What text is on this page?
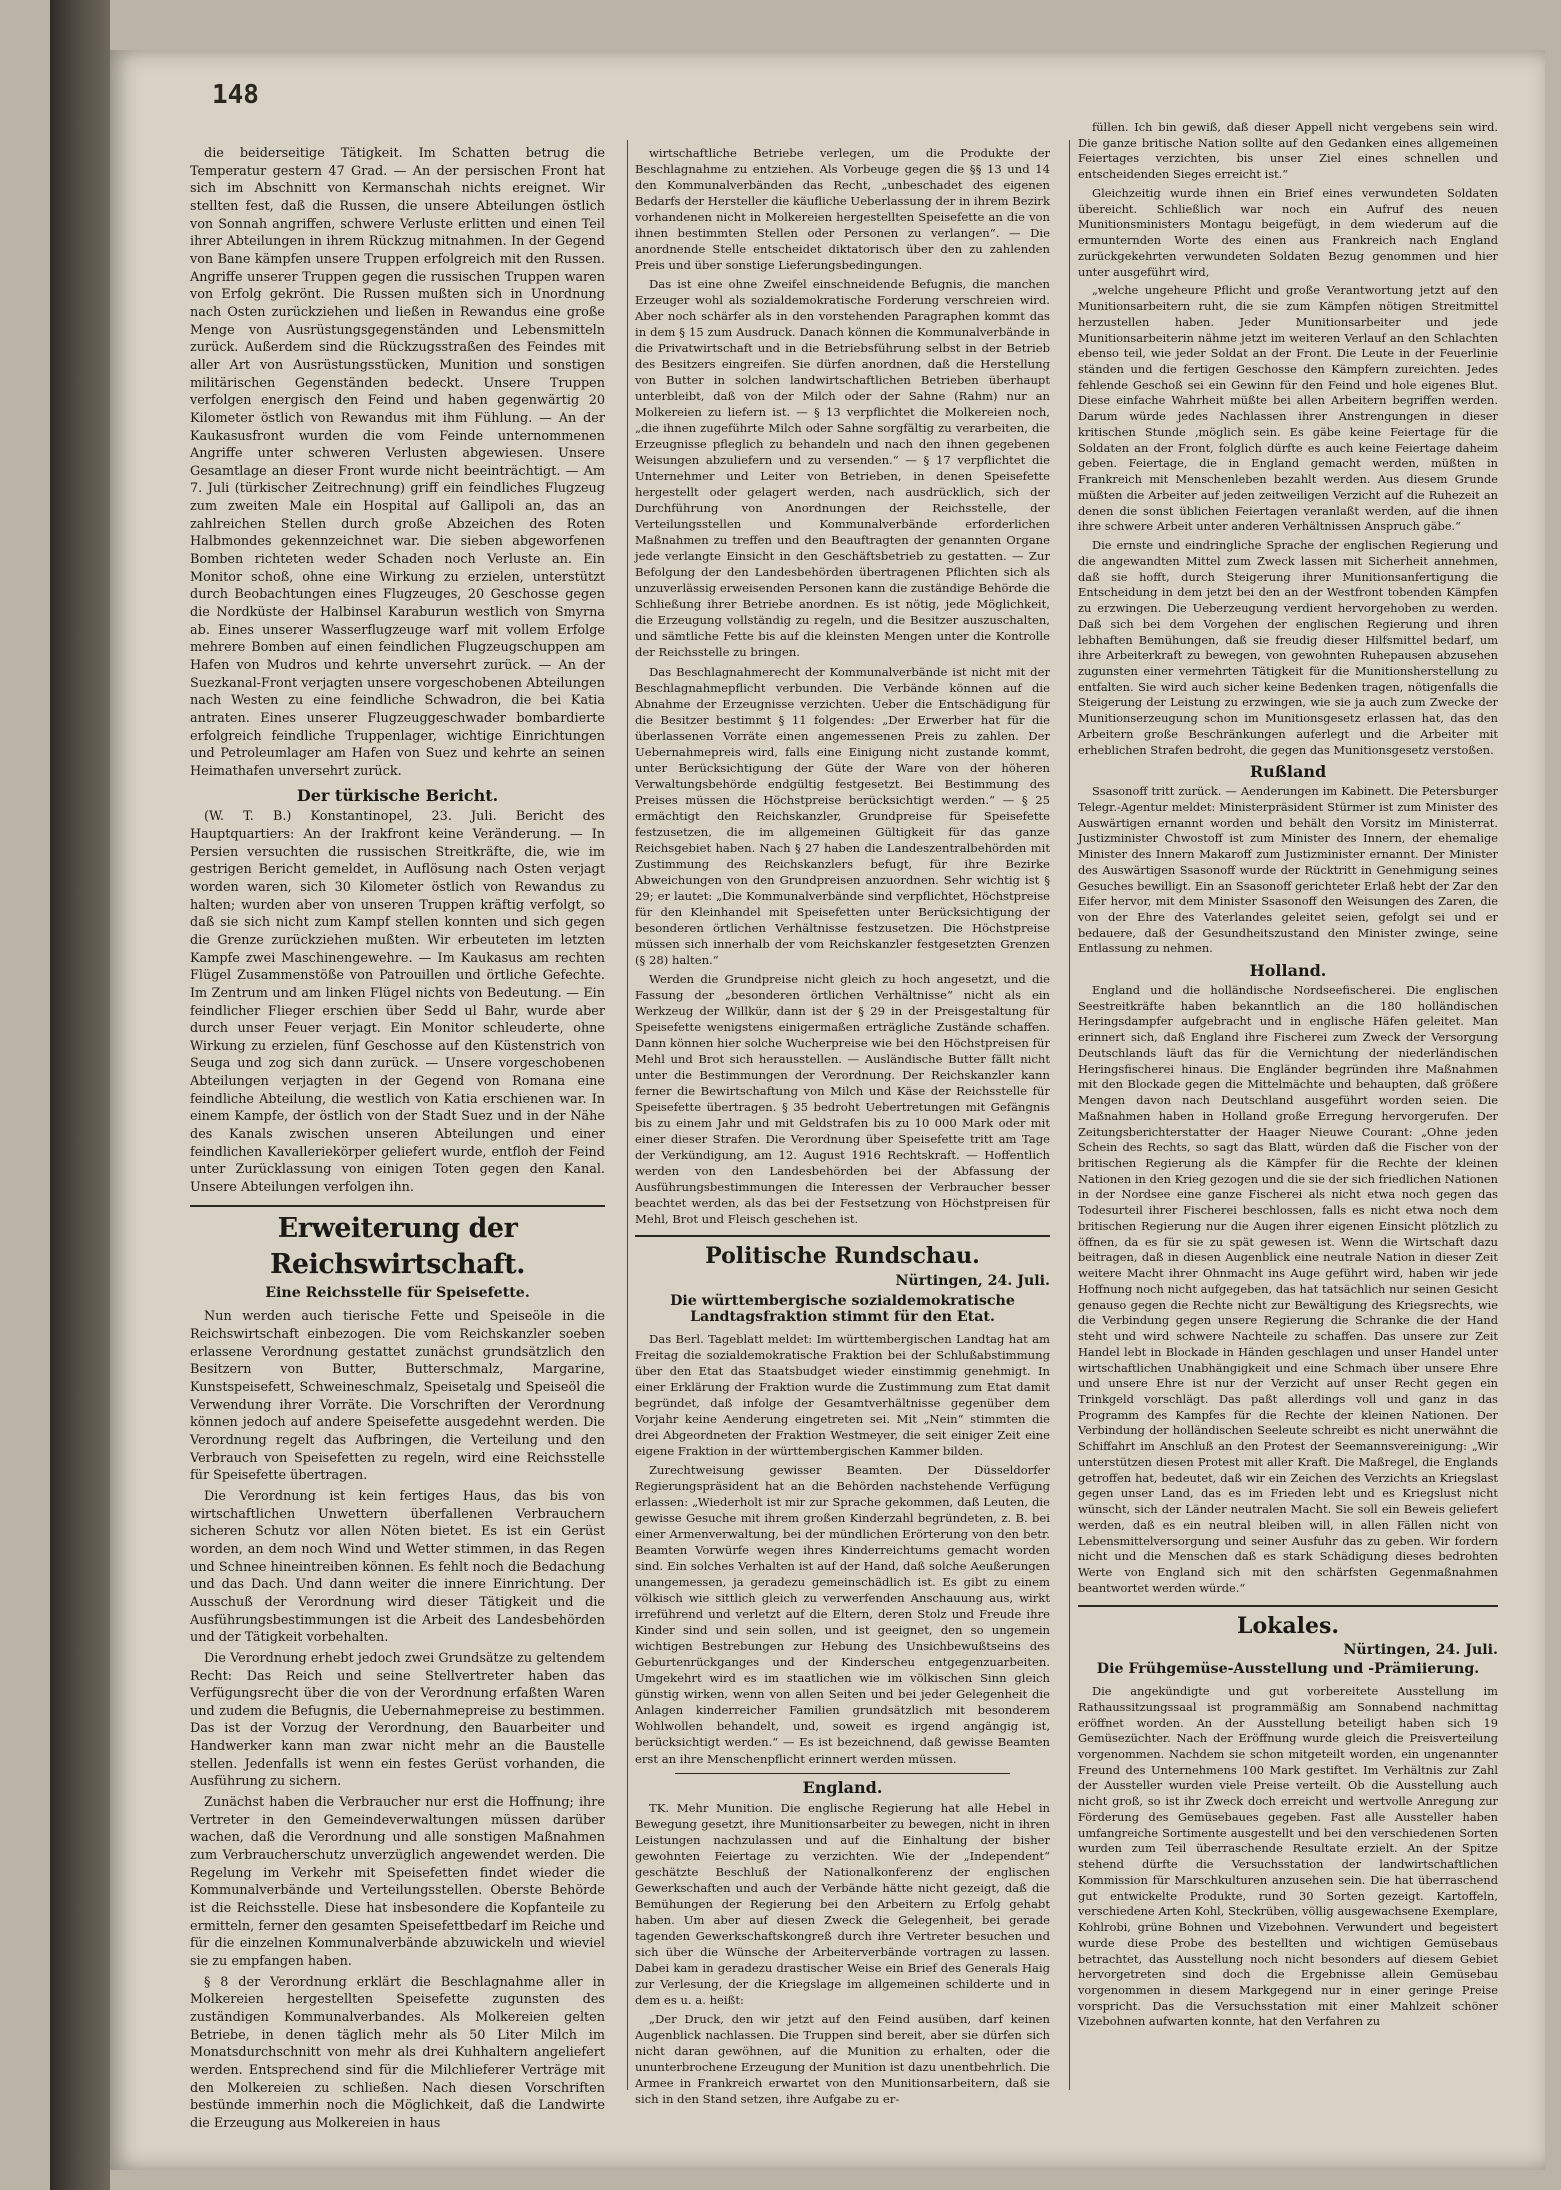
148

die beiderseitige Tätigkeit. Im Schatten betrug die Temperatur gestern 47 Grad. — An der persischen Front hat sich im Abschnitt von Kermanschah nichts ereignet. Wir stellten fest, daß die Russen, die unsere Abteilungen östlich von Sonnah angriffen, schwere Verluste erlitten und einen Teil ihrer Abteilungen in ihrem Rückzug mitnahmen. In der Gegend von Bane kämpfen unsere Truppen erfolgreich mit den Russen. Angriffe unserer Truppen gegen die russischen Truppen waren von Erfolg gekrönt. Die Russen mußten sich in Unordnung nach Osten zurückziehen und ließen in Rewandus eine große Menge von Ausrüstungsgegenständen und Lebensmitteln zurück. Außerdem sind die Rückzugsstraßen des Feindes mit aller Art von Ausrüstungsstücken, Munition und sonstigen militärischen Gegenständen bedeckt. Unsere Truppen verfolgen energisch den Feind und haben gegenwärtig 20 Kilometer östlich von Rewandus mit ihm Fühlung. — An der Kaukasusfront wurden die vom Feinde unternommenen Angriffe unter schweren Verlusten abgewiesen. Unsere Gesamtlage an dieser Front wurde nicht beeinträchtigt. — Am 7. Juli (türkischer Zeitrechnung) griff ein feindliches Flugzeug zum zweiten Male ein Hospital auf Gallipoli an, das an zahlreichen Stellen durch große Abzeichen des Roten Halbmondes gekennzeichnet war. Die sieben abgeworfenen Bomben richteten weder Schaden noch Verluste an. Ein Monitor schoß, ohne eine Wirkung zu erzielen, unterstützt durch Beobachtungen eines Flugzeuges, 20 Geschosse gegen die Nordküste der Halbinsel Karaburun westlich von Smyrna ab. Eines unserer Wasserflugzeuge warf mit vollem Erfolge mehrere Bomben auf einen feindlichen Flugzeugschuppen am Hafen von Mudros und kehrte unversehrt zurück. — An der Suezkanal-Front verjagten unsere vorgeschobenen Abteilungen nach Westen zu eine feindliche Schwadron, die bei Katia antraten. Eines unserer Flugzeuggeschwader bombardierte erfolgreich feindliche Truppenlager, wichtige Einrichtungen und Petroleumlager am Hafen von Suez und kehrte an seinen Heimathafen unversehrt zurück.

Der türkische Bericht.

(W. T. B.) Konstantinopel, 23. Juli. Bericht des Hauptquartiers: An der Irakfront keine Veränderung. — In Persien versuchten die russischen Streitkräfte, die, wie im gestrigen Bericht gemeldet, in Auflösung nach Osten verjagt worden waren, sich 30 Kilometer östlich von Rewandus zu halten; wurden aber von unseren Truppen kräftig verfolgt, so daß sie sich nicht zum Kampf stellen konnten und sich gegen die Grenze zurückziehen mußten. Wir erbeuteten im letzten Kampfe zwei Maschinengewehre. — Im Kaukasus am rechten Flügel Zusammenstöße von Patrouillen und örtliche Gefechte. Im Zentrum und am linken Flügel nichts von Bedeutung. — Ein feindlicher Flieger erschien über Sedd ul Bahr, wurde aber durch unser Feuer verjagt. Ein Monitor schleuderte, ohne Wirkung zu erzielen, fünf Geschosse auf den Küstenstrich von Seuga und zog sich dann zurück. — Unsere vorgeschobenen Abteilungen verjagten in der Gegend von Romana eine feindliche Abteilung, die westlich von Katia erschienen war. In einem Kampfe, der östlich von der Stadt Suez und in der Nähe des Kanals zwischen unseren Abteilungen und einer feindlichen Kavalleriekörper geliefert wurde, entfloh der Feind unter Zurücklassung von einigen Toten gegen den Kanal. Unsere Abteilungen verfolgen ihn.

Erweiterung der Reichswirtschaft.
Eine Reichsstelle für Speisefette.

Nun werden auch tierische Fette und Speiseöle in die Reichswirtschaft einbezogen. Die vom Reichskanzler soeben erlassene Verordnung gestattet zunächst grundsätzlich den Besitzern von Butter, Butterschmalz, Margarine, Kunstspeisefett, Schweineschmalz, Speisetalg und Speiseöl die Verwendung ihrer Vorräte. Die Vorschriften der Verordnung können jedoch auf andere Speisefette ausgedehnt werden. Die Verordnung regelt das Aufbringen, die Verteilung und den Verbrauch von Speisefetten zu regeln, wird eine Reichsstelle für Speisefette übertragen.

Die Verordnung ist kein fertiges Haus, das bis von wirtschaftlichen Unwettern überfallenen Verbrauchern sicheren Schutz vor allen Nöten bietet. Es ist ein Gerüst worden, an dem noch Wind und Wetter stimmen, in das Regen und Schnee hineintreiben können. Es fehlt noch die Bedachung und das Dach. Und dann weiter die innere Einrichtung. Der Ausschuß der Verordnung wird dieser Tätigkeit und die Ausführungsbestimmungen ist die Arbeit des Landesbehörden und der Tätigkeit vorbehalten.

Die Verordnung erhebt jedoch zwei Grundsätze zu geltendem Recht: Das Reich und seine Stellvertreter haben das Verfügungsrecht über die von der Verordnung erfaßten Waren und zudem die Befugnis, die Uebernahmepreise zu bestimmen. Das ist der Vorzug der Verordnung, den Bauarbeiter und Handwerker kann man zwar nicht mehr an die Baustelle stellen. Jedenfalls ist wenn ein festes Gerüst vorhanden, die Ausführung zu sichern.

Zunächst haben die Verbraucher nur erst die Hoffnung; ihre Vertreter in den Gemeindeverwaltungen müssen darüber wachen, daß die Verordnung und alle sonstigen Maßnahmen zum Verbraucherschutz unverzüglich angewendet werden. Die Regelung im Verkehr mit Speisefetten findet wieder die Kommunalverbände und Verteilungsstellen. Oberste Behörde ist die Reichsstelle. Diese hat insbesondere die Kopfanteile zu ermitteln, ferner den gesamten Speisefettbedarf im Reiche und für die einzelnen Kommunalverbände abzuwickeln und wieviel sie zu empfangen haben.

§ 8 der Verordnung erklärt die Beschlagnahme aller in Molkereien hergestellten Speisefette zugunsten des zuständigen Kommunalverbandes. Als Molkereien gelten Betriebe, in denen täglich mehr als 50 Liter Milch im Monatsdurchschnitt von mehr als drei Kuhhaltern angeliefert werden. Entsprechend sind für die Milchlieferer Verträge mit den Molkereien zu schließen. Nach diesen Vorschriften bestünde immerhin noch die Möglichkeit, daß die Landwirte die Erzeugung aus Molkereien in haus

wirtschaftliche Betriebe verlegen, um die Produkte der Beschlagnahme zu entziehen. Als Vorbeuge gegen die §§ 13 und 14 den Kommunalverbänden das Recht, „unbeschadet des eigenen Bedarfs der Hersteller die käufliche Ueberlassung der in ihrem Bezirk vorhandenen nicht in Molkereien hergestellten Speisefette an die von ihnen bestimmten Stellen oder Personen zu verlangen“. — Die anordnende Stelle entscheidet diktatorisch über den zu zahlenden Preis und über sonstige Lieferungsbedingungen.

Das ist eine ohne Zweifel einschneidende Befugnis, die manchen Erzeuger wohl als sozialdemokratische Forderung verschreien wird. Aber noch schärfer als in den vorstehenden Paragraphen kommt das in dem § 15 zum Ausdruck. Danach können die Kommunalverbände in die Privatwirtschaft und in die Betriebsführung selbst in der Betrieb des Besitzers eingreifen. Sie dürfen anordnen, daß die Herstellung von Butter in solchen landwirtschaftlichen Betrieben überhaupt unterbleibt, daß von der Milch oder der Sahne (Rahm) nur an Molkereien zu liefern ist. — § 13 verpflichtet die Molkereien noch, „die ihnen zugeführte Milch oder Sahne sorgfältig zu verarbeiten, die Erzeugnisse pfleglich zu behandeln und nach den ihnen gegebenen Weisungen abzuliefern und zu versenden.“ — § 17 verpflichtet die Unternehmer und Leiter von Betrieben, in denen Speisefette hergestellt oder gelagert werden, nach ausdrücklich, sich der Durchführung von Anordnungen der Reichsstelle, der Verteilungsstellen und Kommunalverbände erforderlichen Maßnahmen zu treffen und den Beauftragten der genannten Organe jede verlangte Einsicht in den Geschäftsbetrieb zu gestatten. — Zur Befolgung der den Landesbehörden übertragenen Pflichten sich als unzuverlässig erweisenden Personen kann die zuständige Behörde die Schließung ihrer Betriebe anordnen. Es ist nötig, jede Möglichkeit, die Erzeugung vollständig zu regeln, und die Besitzer auszuschalten, und sämtliche Fette bis auf die kleinsten Mengen unter die Kontrolle der Reichsstelle zu bringen.

Das Beschlagnahmerecht der Kommunalverbände ist nicht mit der Beschlagnahmepflicht verbunden. Die Verbände können auf die Abnahme der Erzeugnisse verzichten. Ueber die Entschädigung für die Besitzer bestimmt § 11 folgendes: „Der Erwerber hat für die überlassenen Vorräte einen angemessenen Preis zu zahlen. Der Uebernahmepreis wird, falls eine Einigung nicht zustande kommt, unter Berücksichtigung der Güte der Ware von der höheren Verwaltungsbehörde endgültig festgesetzt. Bei Bestimmung des Preises müssen die Höchstpreise berücksichtigt werden.“ — § 25 ermächtigt den Reichskanzler, Grundpreise für Speisefette festzusetzen, die im allgemeinen Gültigkeit für das ganze Reichsgebiet haben. Nach § 27 haben die Landeszentralbehörden mit Zustimmung des Reichskanzlers befugt, für ihre Bezirke Abweichungen von den Grundpreisen anzuordnen. Sehr wichtig ist § 29; er lautet: „Die Kommunalverbände sind verpflichtet, Höchstpreise für den Kleinhandel mit Speisefetten unter Berücksichtigung der besonderen örtlichen Verhältnisse festzusetzen. Die Höchstpreise müssen sich innerhalb der vom Reichskanzler festgesetzten Grenzen (§ 28) halten.“

Werden die Grundpreise nicht gleich zu hoch angesetzt, und die Fassung der „besonderen örtlichen Verhältnisse“ nicht als ein Werkzeug der Willkür, dann ist der § 29 in der Preisgestaltung für Speisefette wenigstens einigermaßen erträgliche Zustände schaffen. Dann können hier solche Wucherpreise wie bei den Höchstpreisen für Mehl und Brot sich herausstellen. — Ausländische Butter fällt nicht unter die Bestimmungen der Verordnung. Der Reichskanzler kann ferner die Bewirtschaftung von Milch und Käse der Reichsstelle für Speisefette übertragen. § 35 bedroht Uebertretungen mit Gefängnis bis zu einem Jahr und mit Geldstrafen bis zu 10 000 Mark oder mit einer dieser Strafen. Die Verordnung über Speisefette tritt am Tage der Verkündigung, am 12. August 1916 Rechtskraft. — Hoffentlich werden von den Landesbehörden bei der Abfassung der Ausführungsbestimmungen die Interessen der Verbraucher besser beachtet werden, als das bei der Festsetzung von Höchstpreisen für Mehl, Brot und Fleisch geschehen ist.

Politische Rundschau.
Nürtingen, 24. Juli.
Die württembergische sozialdemokratische Landtagsfraktion stimmt für den Etat.

Das Berl. Tageblatt meldet: Im württembergischen Landtag hat am Freitag die sozialdemokratische Fraktion bei der Schlußabstimmung über den Etat das Staatsbudget wieder einstimmig genehmigt. In einer Erklärung der Fraktion wurde die Zustimmung zum Etat damit begründet, daß infolge der Gesamtverhältnisse gegenüber dem Vorjahr keine Aenderung eingetreten sei. Mit „Nein“ stimmten die drei Abgeordneten der Fraktion Westmeyer, die seit einiger Zeit eine eigene Fraktion in der württembergischen Kammer bilden.

Zurechtweisung gewisser Beamten. Der Düsseldorfer Regierungspräsident hat an die Behörden nachstehende Verfügung erlassen: „Wiederholt ist mir zur Sprache gekommen, daß Leuten, die gewisse Gesuche mit ihrem großen Kinderzahl begründeten, z. B. bei einer Armenverwaltung, bei der mündlichen Erörterung von den betr. Beamten Vorwürfe wegen ihres Kinderreichtums gemacht worden sind. Ein solches Verhalten ist auf der Hand, daß solche Aeußerungen unangemessen, ja geradezu gemeinschädlich ist. Es gibt zu einem völkisch wie sittlich gleich zu verwerfenden Anschauung aus, wirkt irreführend und verletzt auf die Eltern, deren Stolz und Freude ihre Kinder sind und sein sollen, und ist geeignet, den so ungemein wichtigen Bestrebungen zur Hebung des Unsichbewußtseins des Geburtenrückganges und der Kinderscheu entgegenzuarbeiten. Umgekehrt wird es im staatlichen wie im völkischen Sinn gleich günstig wirken, wenn von allen Seiten und bei jeder Gelegenheit die Anlagen kinderreicher Familien grundsätzlich mit besonderem Wohlwollen behandelt, und, soweit es irgend angängig ist, berücksichtigt werden.“ — Es ist bezeichnend, daß gewisse Beamten erst an ihre Menschenpflicht erinnert werden müssen.

England.

TK. Mehr Munition. Die englische Regierung hat alle Hebel in Bewegung gesetzt, ihre Munitionsarbeiter zu bewegen, nicht in ihren Leistungen nachzulassen und auf die Einhaltung der bisher gewohnten Feiertage zu verzichten. Wie der „Independent“ geschätzte Beschluß der Nationalkonferenz der englischen Gewerkschaften und auch der Verbände hätte nicht gezeigt, daß die Bemühungen der Regierung bei den Arbeitern zu Erfolg gehabt haben. Um aber auf diesen Zweck die Gelegenheit, bei gerade tagenden Gewerkschaftskongreß durch ihre Vertreter besuchen und sich über die Wünsche der Arbeiterverbände vortragen zu lassen. Dabei kam in geradezu drastischer Weise ein Brief des Generals Haig zur Verlesung, der die Kriegslage im allgemeinen schilderte und in dem es u. a. heißt:

„Der Druck, den wir jetzt auf den Feind ausüben, darf keinen Augenblick nachlassen. Die Truppen sind bereit, aber sie dürfen sich nicht daran gewöhnen, auf die Munition zu erhalten, oder die ununterbrochene Erzeugung der Munition ist dazu unentbehrlich. Die Armee in Frankreich erwartet von den Munitionsarbeitern, daß sie sich in den Stand setzen, ihre Aufgabe zu er-

füllen. Ich bin gewiß, daß dieser Appell nicht vergebens sein wird. Die ganze britische Nation sollte auf den Gedanken eines allgemeinen Feiertages verzichten, bis unser Ziel eines schnellen und entscheidenden Sieges erreicht ist.“

Gleichzeitig wurde ihnen ein Brief eines verwundeten Soldaten übereicht. Schließlich war noch ein Aufruf des neuen Munitionsministers Montagu beigefügt, in dem wiederum auf die ermunternden Worte des einen aus Frankreich nach England zurückgekehrten verwundeten Soldaten Bezug genommen und hier unter ausgeführt wird,

„welche ungeheure Pflicht und große Verantwortung jetzt auf den Munitionsarbeitern ruht, die sie zum Kämpfen nötigen Streitmittel herzustellen haben. Jeder Munitionsarbeiter und jede Munitionsarbeiterin nähme jetzt im weiteren Verlauf an den Schlachten ebenso teil, wie jeder Soldat an der Front. Die Leute in der Feuerlinie ständen und die fertigen Geschosse den Kämpfern zureichten. Jedes fehlende Geschoß sei ein Gewinn für den Feind und hole eigenes Blut. Diese einfache Wahrheit müßte bei allen Arbeitern begriffen werden. Darum würde jedes Nachlassen ihrer Anstrengungen in dieser kritischen Stunde ‚möglich sein. Es gäbe keine Feiertage für die Soldaten an der Front, folglich dürfte es auch keine Feiertage daheim geben. Feiertage, die in England gemacht werden, müßten in Frankreich mit Menschenleben bezahlt werden. Aus diesem Grunde müßten die Arbeiter auf jeden zeitweiligen Verzicht auf die Ruhezeit an denen die sonst üblichen Feiertagen veranlaßt werden, auf die ihnen ihre schwere Arbeit unter anderen Verhältnissen Anspruch gäbe.“

Die ernste und eindringliche Sprache der englischen Regierung und die angewandten Mittel zum Zweck lassen mit Sicherheit annehmen, daß sie hofft, durch Steigerung ihrer Munitionsanfertigung die Entscheidung in dem jetzt bei den an der Westfront tobenden Kämpfen zu erzwingen. Die Ueberzeugung verdient hervorgehoben zu werden. Daß sich bei dem Vorgehen der englischen Regierung und ihren lebhaften Bemühungen, daß sie freudig dieser Hilfsmittel bedarf, um ihre Arbeiterkraft zu bewegen, von gewohnten Ruhepausen abzusehen zugunsten einer vermehrten Tätigkeit für die Munitionsherstellung zu entfalten. Sie wird auch sicher keine Bedenken tragen, nötigenfalls die Steigerung der Leistung zu erzwingen, wie sie ja auch zum Zwecke der Munitionserzeugung schon im Munitionsgesetz erlassen hat, das den Arbeitern große Beschränkungen auferlegt und die Arbeiter mit erheblichen Strafen bedroht, die gegen das Munitionsgesetz verstoßen.

Rußland

Ssasonoff tritt zurück. — Aenderungen im Kabinett. Die Petersburger Telegr.-Agentur meldet: Ministerpräsident Stürmer ist zum Minister des Auswärtigen ernannt worden und behält den Vorsitz im Ministerrat. Justizminister Chwostoff ist zum Minister des Innern, der ehemalige Minister des Innern Makaroff zum Justizminister ernannt. Der Minister des Auswärtigen Ssasonoff wurde der Rücktritt in Genehmigung seines Gesuches bewilligt. Ein an Ssasonoff gerichteter Erlaß hebt der Zar den Eifer hervor, mit dem Minister Ssasonoff den Weisungen des Zaren, die von der Ehre des Vaterlandes geleitet seien, gefolgt sei und er bedauere, daß der Gesundheitszustand den Minister zwinge, seine Entlassung zu nehmen.

Holland.

England und die holländische Nordseefischerei. Die englischen Seestreitkräfte haben bekanntlich an die 180 holländischen Heringsdampfer aufgebracht und in englische Häfen geleitet. Man erinnert sich, daß England ihre Fischerei zum Zweck der Versorgung Deutschlands läuft das für die Vernichtung der niederländischen Heringsfischerei hinaus. Die Engländer begründen ihre Maßnahmen mit den Blockade gegen die Mittelmächte und behaupten, daß größere Mengen davon nach Deutschland ausgeführt worden seien. Die Maßnahmen haben in Holland große Erregung hervorgerufen. Der Zeitungsberichterstatter der Haager Nieuwe Courant: „Ohne jeden Schein des Rechts, so sagt das Blatt, würden daß die Fischer von der britischen Regierung als die Kämpfer für die Rechte der kleinen Nationen in den Krieg gezogen und die sie der sich friedlichen Nationen in der Nordsee eine ganze Fischerei als nicht etwa noch gegen das Todesurteil ihrer Fischerei beschlossen, falls es nicht etwa noch dem britischen Regierung nur die Augen ihrer eigenen Einsicht plötzlich zu öffnen, da es für sie zu spät gewesen ist. Wenn die Wirtschaft dazu beitragen, daß in diesen Augenblick eine neutrale Nation in dieser Zeit weitere Macht ihrer Ohnmacht ins Auge geführt wird, haben wir jede Hoffnung noch nicht aufgegeben, das hat tatsächlich nur seinen Gesicht genauso gegen die Rechte nicht zur Bewältigung des Kriegsrechts, wie die Verbindung gegen unsere Regierung die Schranke die der Hand steht und wird schwere Nachteile zu schaffen. Das unsere zur Zeit Handel lebt in Blockade in Händen geschlagen und unser Handel unter wirtschaftlichen Unabhängigkeit und eine Schmach über unsere Ehre und unsere Ehre ist nur der Verzicht auf unser Recht gegen ein Trinkgeld vorschlägt. Das paßt allerdings voll und ganz in das Programm des Kampfes für die Rechte der kleinen Nationen. Der Verbindung der holländischen Seeleute schreibt es nicht unerwähnt die Schiffahrt im Anschluß an den Protest der Seemannsvereinigung: „Wir unterstützen diesen Protest mit aller Kraft. Die Maßregel, die Englands getroffen hat, bedeutet, daß wir ein Zeichen des Verzichts an Kriegslast gegen unser Land, das es im Frieden lebt und es Kriegslust nicht wünscht, sich der Länder neutralen Macht. Sie soll ein Beweis geliefert werden, daß es ein neutral bleiben will, in allen Fällen nicht von Lebensmittelversorgung und seiner Ausfuhr das zu geben. Wir fordern nicht und die Menschen daß es stark Schädigung dieses bedrohten Werte von England sich mit den schärfsten Gegenmaßnahmen beantwortet werden würde.“

Lokales.
Nürtingen, 24. Juli.
Die Frühgemüse-Ausstellung und -Prämiierung.

Die angekündigte und gut vorbereitete Ausstellung im Rathaussitzungssaal ist programmäßig am Sonnabend nachmittag eröffnet worden. An der Ausstellung beteiligt haben sich 19 Gemüsezüchter. Nach der Eröffnung wurde gleich die Preisverteilung vorgenommen. Nachdem sie schon mitgeteilt worden, ein ungenannter Freund des Unternehmens 100 Mark gestiftet. Im Verhältnis zur Zahl der Aussteller wurden viele Preise verteilt. Ob die Ausstellung auch nicht groß, so ist ihr Zweck doch erreicht und wertvolle Anregung zur Förderung des Gemüsebaues gegeben. Fast alle Aussteller haben umfangreiche Sortimente ausgestellt und bei den verschiedenen Sorten wurden zum Teil überraschende Resultate erzielt. An der Spitze stehend dürfte die Versuchsstation der landwirtschaftlichen Kommission für Marschkulturen anzusehen sein. Die hat überraschend gut entwickelte Produkte, rund 30 Sorten gezeigt. Kartoffeln, verschiedene Arten Kohl, Steckrüben, völlig ausgewachsene Exemplare, Kohlrobi, grüne Bohnen und Vizebohnen. Verwundert und begeistert wurde diese Probe des bestellten und wichtigen Gemüsebaus betrachtet, das Ausstellung noch nicht besonders auf diesem Gebiet hervorgetreten sind doch die Ergebnisse allein Gemüsebau vorgenommen in diesem Markgegend nur in einer geringe Preise vorspricht. Das die Versuchsstation mit einer Mahlzeit schöner Vizebohnen aufwarten konnte, hat den Verfahren zu
